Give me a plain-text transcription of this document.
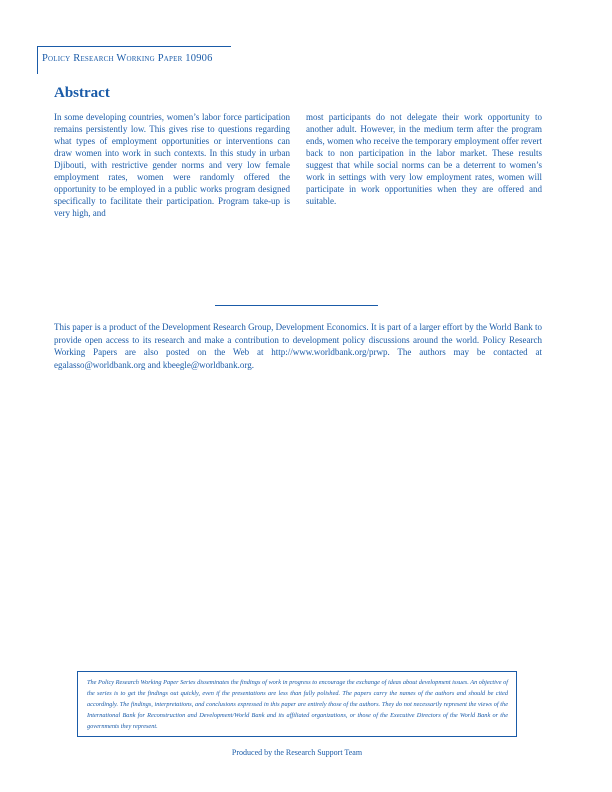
Policy Research Working Paper 10906
Abstract

In some developing countries, women’s labor force participation remains persistently low. This gives rise to questions regarding what types of employment opportunities or interventions can draw women into work in such contexts. In this study in urban Djibouti, with restrictive gender norms and very low female employment rates, women were randomly offered the opportunity to be employed in a public works program designed specifically to facilitate their participation. Program take-up is very high, and

most participants do not delegate their work opportunity to another adult. However, in the medium term after the program ends, women who receive the temporary employment offer revert back to non participation in the labor market. These results suggest that while social norms can be a deterrent to women’s work in settings with very low employment rates, women will participate in work opportunities when they are offered and suitable.

This paper is a product of the Development Research Group, Development Economics. It is part of a larger effort by the World Bank to provide open access to its research and make a contribution to development policy discussions around the world. Policy Research Working Papers are also posted on the Web at http://www.worldbank.org/prwp. The authors may be contacted at egalasso@worldbank.org and kbeegle@worldbank.org.

The Policy Research Working Paper Series disseminates the findings of work in progress to encourage the exchange of ideas about development issues. An objective of the series is to get the findings out quickly, even if the presentations are less than fully polished. The papers carry the names of the authors and should be cited accordingly. The findings, interpretations, and conclusions expressed in this paper are entirely those of the authors. They do not necessarily represent the views of the International Bank for Reconstruction and Development/World Bank and its affiliated organizations, or those of the Executive Directors of the World Bank or the governments they represent.

Produced by the Research Support Team
